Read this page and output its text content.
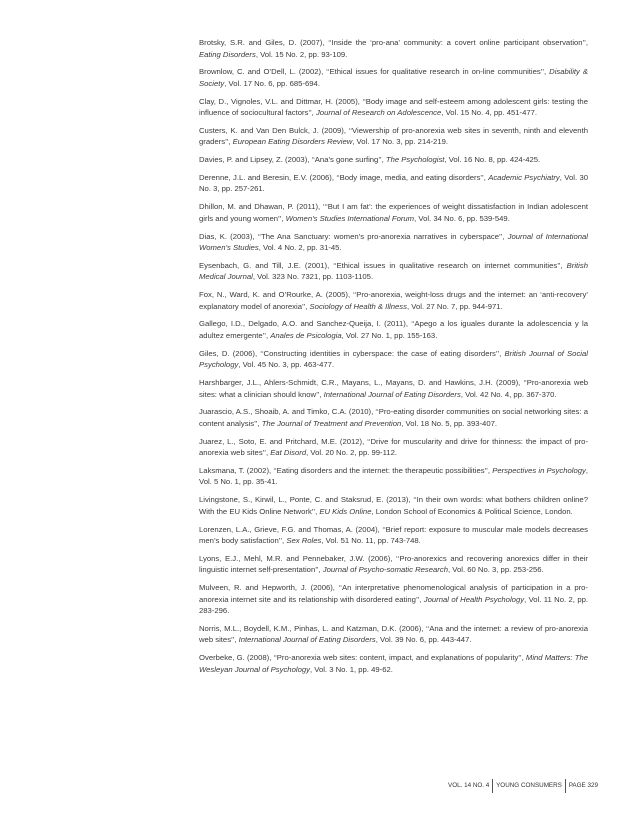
Brotsky, S.R. and Giles, D. (2007), ‘‘Inside the ‘pro-ana’ community: a covert online participant observation’’, Eating Disorders, Vol. 15 No. 2, pp. 93-109.

Brownlow, C. and O’Dell, L. (2002), ‘‘Ethical issues for qualitative research in on-line communities’’, Disability & Society, Vol. 17 No. 6, pp. 685-694.

Clay, D., Vignoles, V.L. and Dittmar, H. (2005), ‘‘Body image and self-esteem among adolescent girls: testing the influence of sociocultural factors’’, Journal of Research on Adolescence, Vol. 15 No. 4, pp. 451-477.

Custers, K. and Van Den Bulck, J. (2009), ‘‘Viewership of pro-anorexia web sites in seventh, ninth and eleventh graders’’, European Eating Disorders Review, Vol. 17 No. 3, pp. 214-219.

Davies, P. and Lipsey, Z. (2003), ‘‘Ana’s gone surfing’’, The Psychologist, Vol. 16 No. 8, pp. 424-425.

Derenne, J.L. and Beresin, E.V. (2006), ‘‘Body image, media, and eating disorders’’, Academic Psychiatry, Vol. 30 No. 3, pp. 257-261.

Dhillon, M. and Dhawan, P. (2011), ‘‘‘But I am fat’: the experiences of weight dissatisfaction in Indian adolescent girls and young women’’, Women’s Studies International Forum, Vol. 34 No. 6, pp. 539-549.

Dias, K. (2003), ‘‘The Ana Sanctuary: women’s pro-anorexia narratives in cyberspace’’, Journal of International Women’s Studies, Vol. 4 No. 2, pp. 31-45.

Eysenbach, G. and Till, J.E. (2001), ‘‘Ethical issues in qualitative research on internet communities’’, British Medical Journal, Vol. 323 No. 7321, pp. 1103-1105.

Fox, N., Ward, K. and O’Rourke, A. (2005), ‘‘Pro-anorexia, weight-loss drugs and the internet: an ‘anti-recovery’ explanatory model of anorexia’’, Sociology of Health & Illness, Vol. 27 No. 7, pp. 944-971.

Gallego, I.D., Delgado, A.O. and Sanchez-Queija, I. (2011), ‘‘Apego a los iguales durante la adolescencia y la adultez emergente’’, Anales de Psicologia, Vol. 27 No. 1, pp. 155-163.

Giles, D. (2006), ‘‘Constructing identities in cyberspace: the case of eating disorders’’, British Journal of Social Psychology, Vol. 45 No. 3, pp. 463-477.

Harshbarger, J.L., Ahlers-Schmidt, C.R., Mayans, L., Mayans, D. and Hawkins, J.H. (2009), ‘‘Pro-anorexia web sites: what a clinician should know’’, International Journal of Eating Disorders, Vol. 42 No. 4, pp. 367-370.

Juarascio, A.S., Shoaib, A. and Timko, C.A. (2010), ‘‘Pro-eating disorder communities on social networking sites: a content analysis’’, The Journal of Treatment and Prevention, Vol. 18 No. 5, pp. 393-407.

Juarez, L., Soto, E. and Pritchard, M.E. (2012), ‘‘Drive for muscularity and drive for thinness: the impact of pro-anorexia web sites’’, Eat Disord, Vol. 20 No. 2, pp. 99-112.

Laksmana, T. (2002), ‘‘Eating disorders and the internet: the therapeutic possibilities’’, Perspectives in Psychology, Vol. 5 No. 1, pp. 35-41.

Livingstone, S., Kirwil, L., Ponte, C. and Staksrud, E. (2013), ‘‘In their own words: what bothers children online? With the EU Kids Online Network’’, EU Kids Online, London School of Economics & Political Science, London.

Lorenzen, L.A., Grieve, F.G. and Thomas, A. (2004), ‘‘Brief report: exposure to muscular male models decreases men’s body satisfaction’’, Sex Roles, Vol. 51 No. 11, pp. 743-748.

Lyons, E.J., Mehl, M.R. and Pennebaker, J.W. (2006), ‘‘Pro-anorexics and recovering anorexics differ in their linguistic internet self-presentation’’, Journal of Psycho-somatic Research, Vol. 60 No. 3, pp. 253-256.

Mulveen, R. and Hepworth, J. (2006), ‘‘An interpretative phenomenological analysis of participation in a pro-anorexia internet site and its relationship with disordered eating’’, Journal of Health Psychology, Vol. 11 No. 2, pp. 283-296.

Norris, M.L., Boydell, K.M., Pinhas, L. and Katzman, D.K. (2006), ‘‘Ana and the internet: a review of pro-anorexia web sites’’, International Journal of Eating Disorders, Vol. 39 No. 6, pp. 443-447.

Overbeke, G. (2008), ‘‘Pro-anorexia web sites: content, impact, and explanations of popularity’’, Mind Matters: The Wesleyan Journal of Psychology, Vol. 3 No. 1, pp. 49-62.

VOL. 14 NO. 4 YOUNG CONSUMERS PAGE 329
